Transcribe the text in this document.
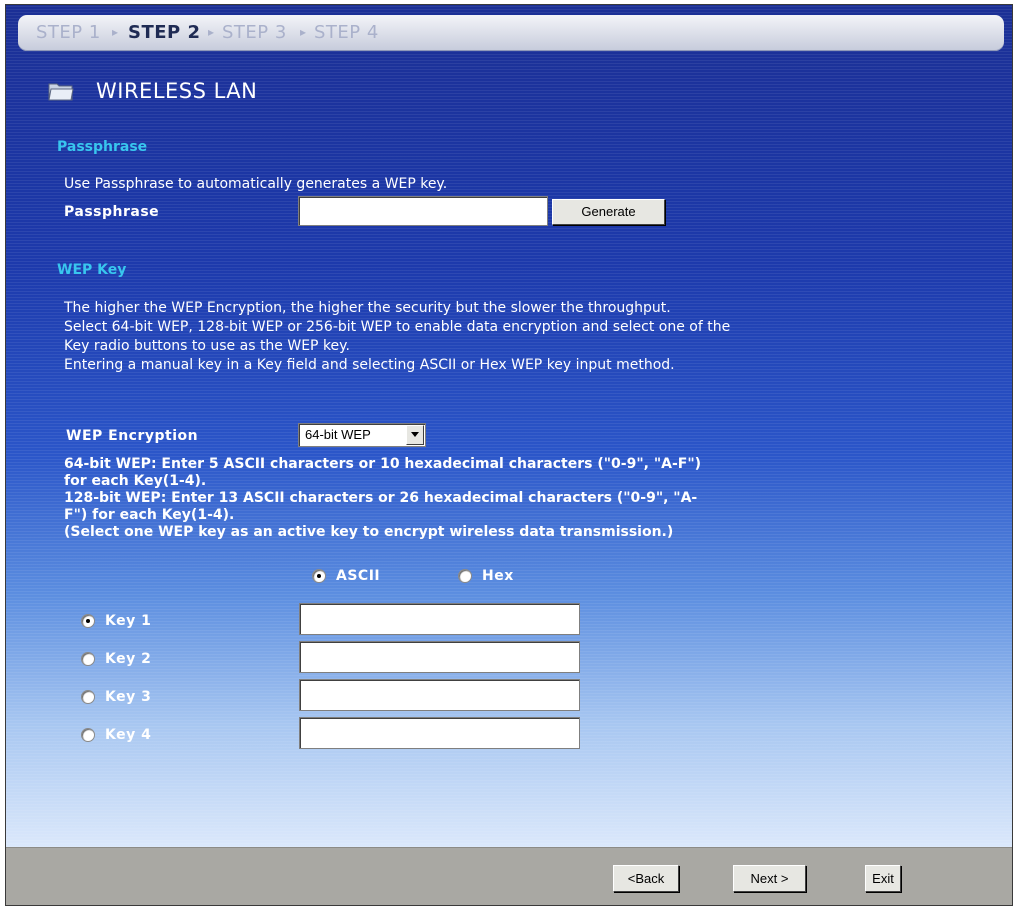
STEP 1 ▸ STEP 2 ▸ STEP 3 ▸ STEP 4
WIRELESS LAN
Passphrase
Use Passphrase to automatically generates a WEP key.
Passphrase	Generate
WEP Key
The higher the WEP Encryption, the higher the security but the slower the throughput.
Select 64-bit WEP, 128-bit WEP or 256-bit WEP to enable data encryption and select one of the
Key radio buttons to use as the WEP key.
Entering a manual key in a Key field and selecting ASCII or Hex WEP key input method.
WEP Encryption	64-bit WEP
64-bit WEP: Enter 5 ASCII characters or 10 hexadecimal characters ("0-9", "A-F")
for each Key(1-4).
128-bit WEP: Enter 13 ASCII characters or 26 hexadecimal characters ("0-9", "A-
F") for each Key(1-4).
(Select one WEP key as an active key to encrypt wireless data transmission.)
ASCII	Hex
Key 1
Key 2
Key 3
Key 4
<Back	Next >	Exit
